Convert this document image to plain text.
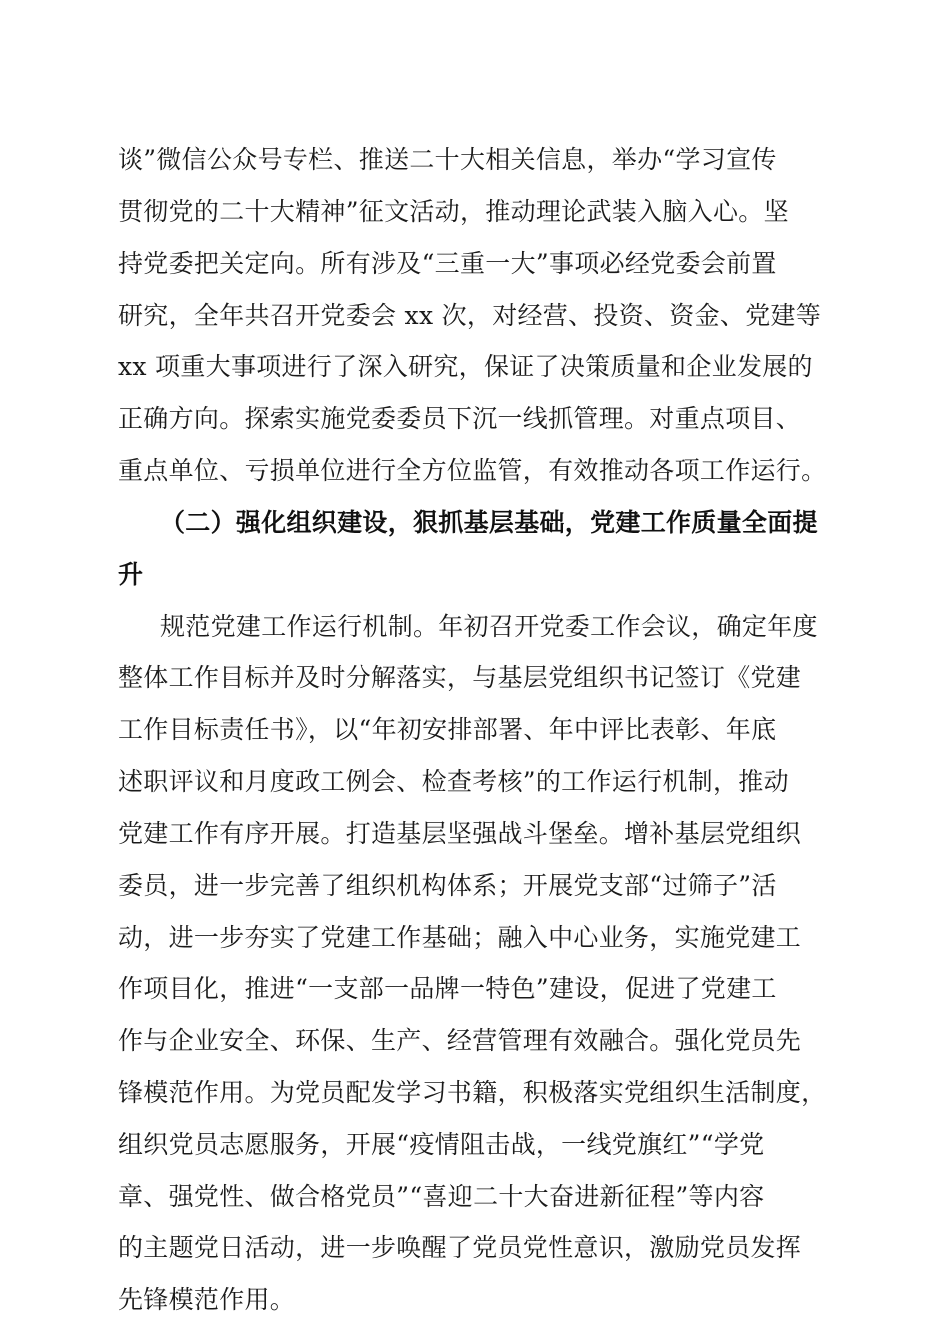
谈”微信公众号专栏、推送二十大相关信息，举办“学习宣传
贯彻党的二十大精神”征文活动，推动理论武装入脑入心。坚
持党委把关定向。所有涉及“三重一大”事项必经党委会前置
研究，全年共召开党委会 xx 次，对经营、投资、资金、党建等
xx 项重大事项进行了深入研究，保证了决策质量和企业发展的
正确方向。探索实施党委委员下沉一线抓管理。对重点项目、
重点单位、亏损单位进行全方位监管，有效推动各项工作运行。
（二）强化组织建设，狠抓基层基础，党建工作质量全面提
升
规范党建工作运行机制。年初召开党委工作会议，确定年度
整体工作目标并及时分解落实，与基层党组织书记签订《党建
工作目标责任书》，以“年初安排部署、年中评比表彰、年底
述职评议和月度政工例会、检查考核”的工作运行机制，推动
党建工作有序开展。打造基层坚强战斗堡垒。增补基层党组织
委员，进一步完善了组织机构体系；开展党支部“过筛子”活
动，进一步夯实了党建工作基础；融入中心业务，实施党建工
作项目化，推进“一支部一品牌一特色”建设，促进了党建工
作与企业安全、环保、生产、经营管理有效融合。强化党员先
锋模范作用。为党员配发学习书籍，积极落实党组织生活制度，
组织党员志愿服务，开展“疫情阻击战，一线党旗红”“学党
章、强党性、做合格党员”“喜迎二十大奋进新征程”等内容
的主题党日活动，进一步唤醒了党员党性意识，激励党员发挥
先锋模范作用。
